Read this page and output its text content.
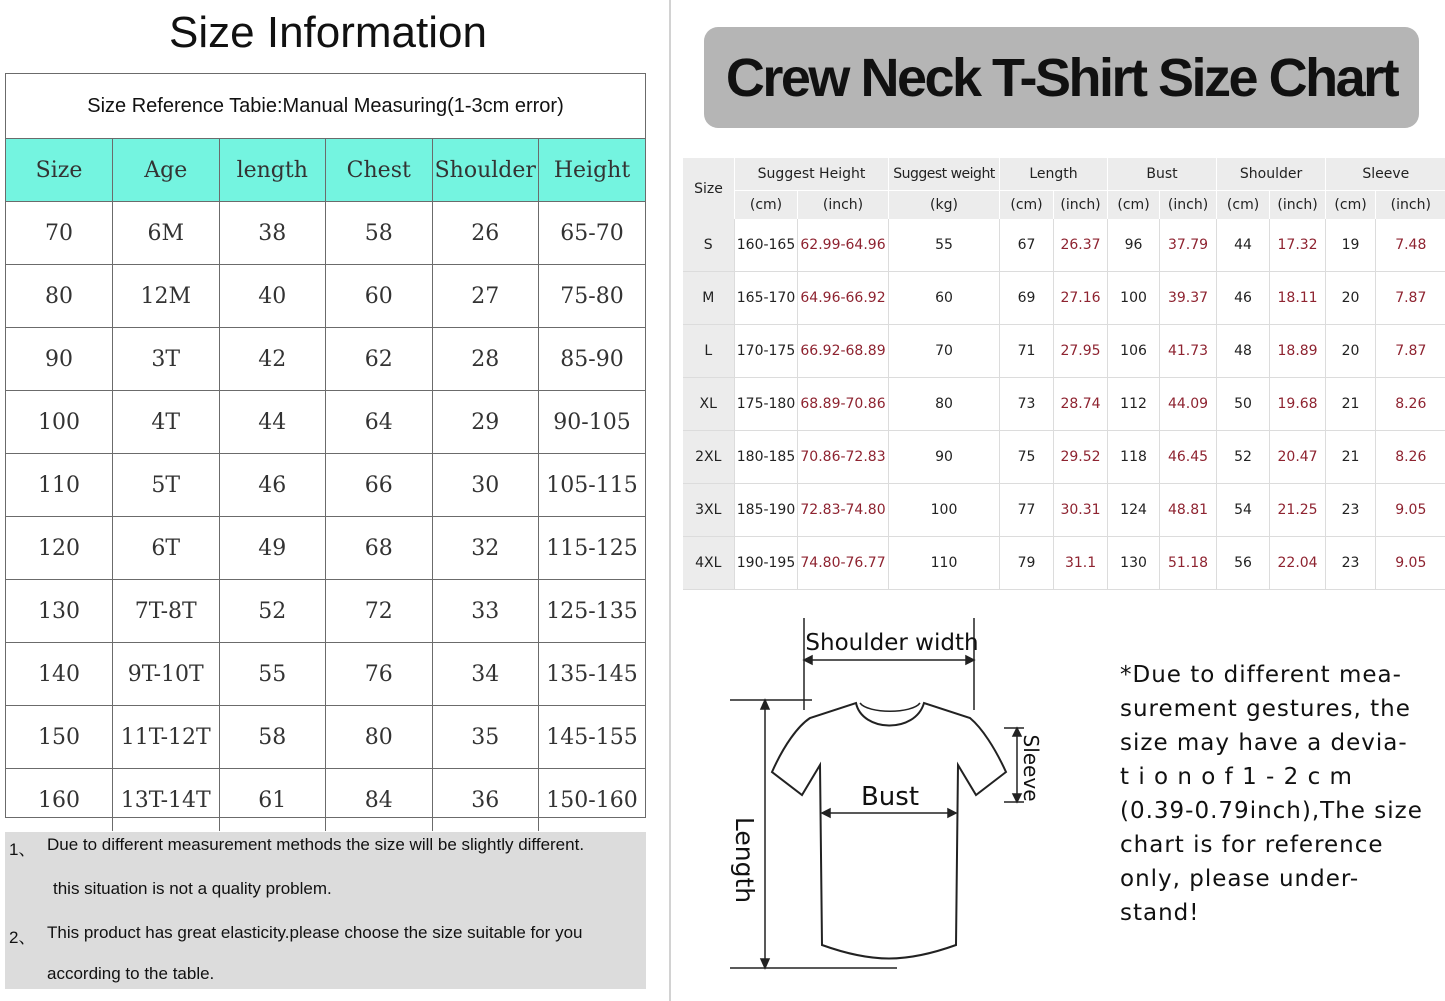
Size Information
Size Reference Tabie:Manual Measuring(1-3cm error)
Size	Age	length	Chest	Shoulder	Height
70	6M	38	58	26	65-70
80	12M	40	60	27	75-80
90	3T	42	62	28	85-90
100	4T	44	64	29	90-105
110	5T	46	66	30	105-115
120	6T	49	68	32	115-125
130	7T-8T	52	72	33	125-135
140	9T-10T	55	76	34	135-145
150	11T-12T	58	80	35	145-155
160	13T-14T	61	84	36	150-160
1、 Due to different measurement methods the size will be slightly different.
this situation is not a quality problem.
2、 This product has great elasticity.please choose the size suitable for you
according to the table.
Crew Neck T-Shirt Size Chart
Size	Suggest Height		Suggest weight	Length		Bust		Shoulder		Sleeve	
	(cm)	(inch)	(kg)	(cm)	(inch)	(cm)	(inch)	(cm)	(inch)	(cm)	(inch)
S	160-165	62.99-64.96	55	67	26.37	96	37.79	44	17.32	19	7.48
M	165-170	64.96-66.92	60	69	27.16	100	39.37	46	18.11	20	7.87
L	170-175	66.92-68.89	70	71	27.95	106	41.73	48	18.89	20	7.87
XL	175-180	68.89-70.86	80	73	28.74	112	44.09	50	19.68	21	8.26
2XL	180-185	70.86-72.83	90	75	29.52	118	46.45	52	20.47	21	8.26
3XL	185-190	72.83-74.80	100	77	30.31	124	48.81	54	21.25	23	9.05
4XL	190-195	74.80-76.77	110	79	31.1	130	51.18	56	22.04	23	9.05
Shoulder width
Bust
Length
Sleeve
*Due to different mea-
surement gestures, the
size may have a devia-
t i o n o f 1 - 2 c m
(0.39-0.79inch),The size
chart is for reference
only, please under-
stand!
